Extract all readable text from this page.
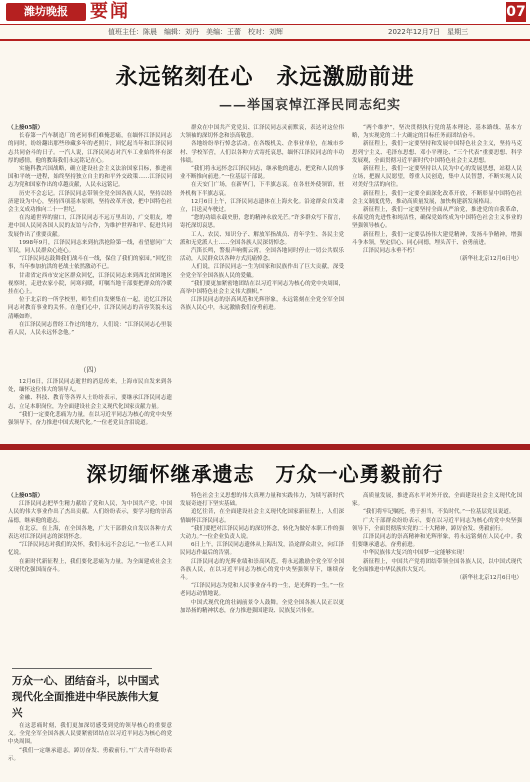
潍坊晚报	要闻	07
值班主任：陈晨　编辑：刘丹　美编：王蕾　校对：刘辉	2022年12月7日　星期三
永远铭刻在心　永远激励前进
——举国哀悼江泽民同志纪实

（上接05版）

长春第一汽车制造厂的老同事们难掩悲痛，在缅怀江泽民同志的同时，纷纷翻出那些珍藏多年的老照片，回忆起当年和江泽民同志共同奋斗的日子。一汽人说，江泽民同志对汽车工业始终怀有深厚的感情，他的教诲我们永远铭记在心。

实施科教兴国战略，确立建设社会主义法治国家目标，推进祖国和平统一进程，始终坚持独立自主的和平外交政策……江泽民同志为党和国家作出的卓越贡献，人民永远铭记。

历史不会忘记。江泽民同志带领全党全国各族人民，坚持以经济建设为中心，坚持四项基本原则，坚持改革开放，把中国特色社会主义成功推向二十一世纪。

在沟通世界的窗口，江泽民同志不远万里出访，广交朋友，增进中国人民同各国人民的友谊与合作，为维护世界和平、促进共同发展作出了重要贡献。

1998年9月，江泽民同志来到抗洪抢险第一线，看望慰问广大军民，同人民群众心连心。

“江泽民同志鼓舞我们战斗在一线，保住了我们的家园。”回忆往事，当年参加抗洪的老战士依然激动不已。

甘肃省定西市安定区群众回忆，江泽民同志来到西北贫困地区视察时，走进农家小院，问寒问暖，叮嘱当地干部要把群众的冷暖挂在心上。

位于北京的一所学校里，师生们自发聚集在一起，追忆江泽民同志对教育事业的关怀。在他们心中，江泽民同志的音容笑貌永远清晰如昨。

在江泽民同志曾经工作过的地方，人们说：“江泽民同志心里装着人民，人民永远怀念他。”

（四）

12月6日，江泽民同志逝世的消息传来，上海市民自发来到各处，缅怀这位伟大的领导人。

金融、科技、教育等各界人士纷纷表示，要继承江泽民同志遗志，立足本职岗位，为全面建设社会主义现代化国家贡献力量。

“我们一定要化悲痛为力量，在以习近平同志为核心的党中央坚强领导下，奋力推进中国式现代化。”一位老党员含泪说道。

群众在中国共产党党员、江泽民同志灵前默哀，表达对这位伟大领袖的深切怀念和崇高敬意。

各地纷纷举行悼念活动。在各级机关、企事业单位，在城市乡村、学校军营，人们以各种方式寄托哀思，缅怀江泽民同志的丰功伟绩。

“我们将永远怀念江泽民同志，继承他的遗志，把党和人民的事业不断推向前进。”一位基层干部说。

在天安门广场，在新华门，下半旗志哀。在各驻外使领馆，驻外机构下半旗志哀。

12月6日上午，江泽民同志遗体在上海火化。沿途群众自发肃立，目送灵车驶过。

“您的功绩永载史册，您的精神永放光芒。”许多群众写下留言，寄托深切哀思。

工人、农民、知识分子、解放军指战员、青年学生、各民主党派和无党派人士……全国各族人民深切悼念。

汽笛长鸣，警报声响彻云霄。全国各地同时停止一切公共娱乐活动，人民群众以各种方式沉痛悼念。

人们说，江泽民同志一生为国家和民族作出了巨大贡献，深受全党全军全国各族人民的爱戴。

“我们要更加紧密地团结在以习近平同志为核心的党中央周围，高举中国特色社会主义伟大旗帜。”

江泽民同志的崇高风范和光辉形象，永远铭刻在全党全军全国各族人民心中，永远激励我们奋勇前进。

“两个维护”，坚决贯彻执行党的基本理论、基本路线、基本方略，为实现党的二十大确定的目标任务而团结奋斗。

新征程上，我们一定要坚持和发展中国特色社会主义，坚持马克思列宁主义、毛泽东思想、邓小平理论、“三个代表”重要思想、科学发展观，全面贯彻习近平新时代中国特色社会主义思想。

新征程上，我们一定要坚持以人民为中心的发展思想，站稳人民立场，把握人民愿望，尊重人民创造，集中人民智慧，不断实现人民对美好生活的向往。

新征程上，我们一定要全面深化改革开放，不断彰显中国特色社会主义制度优势，推动高质量发展，加快构建新发展格局。

新征程上，我们一定要坚持全面从严治党，推进党的自我革命，永葆党的先进性和纯洁性，确保党始终成为中国特色社会主义事业的坚强领导核心。

新征程上，我们一定要弘扬伟大建党精神，发扬斗争精神，增强斗争本领，坚定信心、同心同德，埋头苦干、奋勇前进。

江泽民同志永垂不朽！

（新华社北京12月6日电）

深切缅怀继承遗志　万众一心勇毅前行

（上接05版）

江泽民同志把毕生精力献给了党和人民，为中国共产党、中国人民的伟大事业作出了杰出贡献。人们纷纷表示，要学习他的崇高品德，继承他的遗志。

在北京，在上海，在全国各地，广大干部群众自发以各种方式表达对江泽民同志的深切怀念。

“江泽民同志对我们的关怀，我们永远不会忘记。”一位老工人回忆说。

在新时代新征程上，我们要化悲痛为力量，为全面建成社会主义现代化强国而奋斗。

万众一心、团结奋斗，以中国式现代化全面推进中华民族伟大复兴

在这悲痛时刻，我们更加深切感受到党的领导核心的重要意义。全党全军全国各族人民要紧密团结在以习近平同志为核心的党中央周围。

“我们一定继承遗志，踔厉奋发、勇毅前行。”广大青年纷纷表示。

特色社会主义思想的伟大真理力量和实践伟力，为续写新时代发展奇迹打下坚实基础。

追忆往昔，在全面建设社会主义现代化国家新征程上，人们深情缅怀江泽民同志。

“我们要把对江泽民同志的深切怀念，转化为做好本职工作的强大动力。”一位企业负责人说。

6日上午，江泽民同志遗体从上海出发，沿途群众肃立，向江泽民同志作最后的告别。

江泽民同志的光辉业绩和崇高风范，将永远激励全党全军全国各族人民，在以习近平同志为核心的党中央坚强领导下，继续奋斗。

“江泽民同志为党和人民事业奋斗的一生，是光辉的一生。”一位老同志动情地说。

中国式现代化的壮阔前景令人鼓舞。全党全国各族人民正以更加昂扬的精神状态，奋力推进强国建设、民族复兴伟业。

高质量发展，推进高水平对外开放，全面建设社会主义现代化国家。

“我们将牢记嘱托，勇于担当，不负时代。”一位基层党员说道。

广大干部群众纷纷表示，要在以习近平同志为核心的党中央坚强领导下，全面贯彻落实党的二十大精神，踔厉奋发、勇毅前行。

江泽民同志的崇高精神和光辉形象，将永远铭刻在人民心中。我们要继承遗志，奋勇前进。

中华民族伟大复兴的中国梦一定能够实现！

新征程上，中国共产党将团结带领全国各族人民，以中国式现代化全面推进中华民族伟大复兴。

（新华社北京12月6日电）
